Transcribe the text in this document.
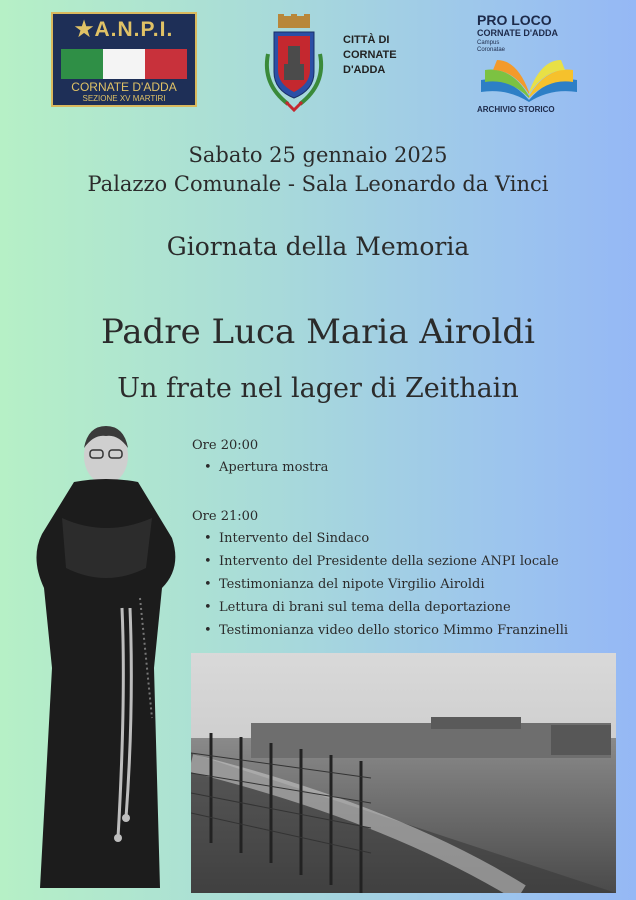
★A.N.P.I.
CORNATE D'ADDA
SEZIONE XV MARTIRI
CITTÀ DI
CORNATE
D'ADDA
PRO LOCO
CORNATE D'ADDA
Campus Coronatae
ARCHIVIO STORICO
Sabato 25 gennaio 2025
Palazzo Comunale - Sala Leonardo da Vinci
Giornata della Memoria
Padre Luca Maria Airoldi
Un frate nel lager di Zeithain
Ore 20:00
• Apertura mostra
Ore 21:00
• Intervento del Sindaco
• Intervento del Presidente della sezione ANPI locale
• Testimonianza del nipote Virgilio Airoldi
• Lettura di brani sul tema della deportazione
• Testimonianza video dello storico Mimmo Franzinelli
